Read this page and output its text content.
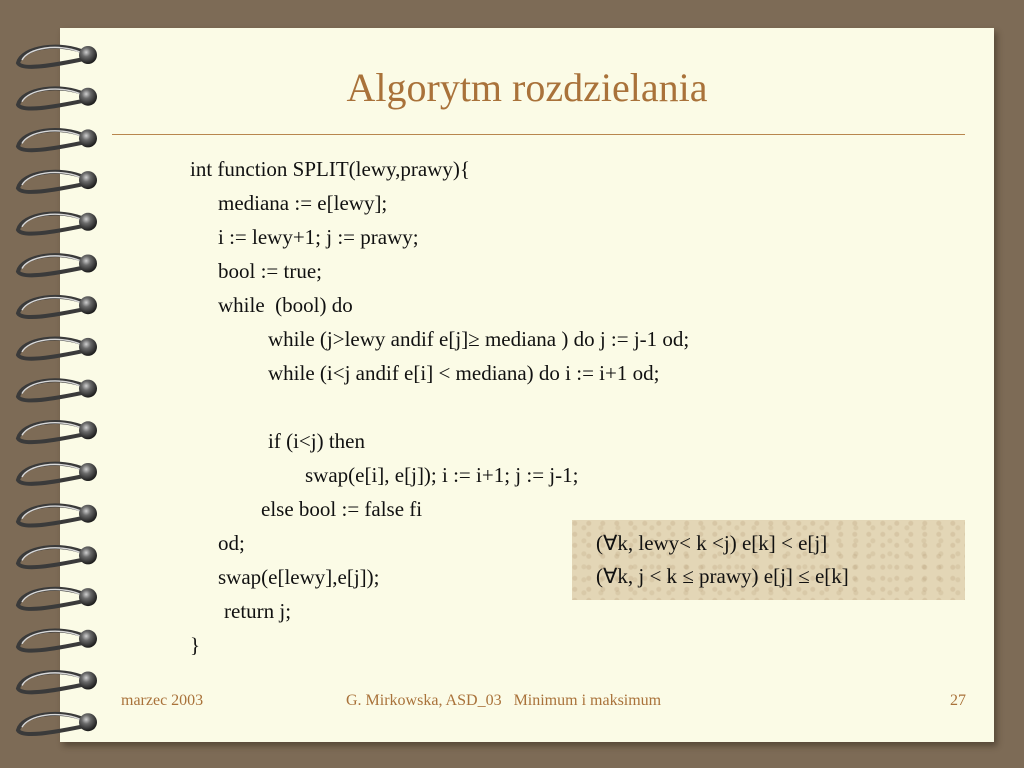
Algorytm rozdzielania
int function SPLIT(lewy,prawy){
mediana := e[lewy];
i := lewy+1; j := prawy;
bool := true;
while  (bool) do
while (j>lewy andif e[j]≥ mediana ) do j := j-1 od;
while (i<j andif e[i] < mediana) do i := i+1 od;
if (i<j) then
swap(e[i], e[j]); i := i+1; j := j-1;
else bool := false fi
od;
swap(e[lewy],e[j]);
return j;
}
(∀k, lewy< k <j) e[k] < e[j]
(∀k, j < k ≤ prawy) e[j] ≤ e[k]
marzec 2003	G. Mirkowska, ASD_03   Minimum i maksimum	27
